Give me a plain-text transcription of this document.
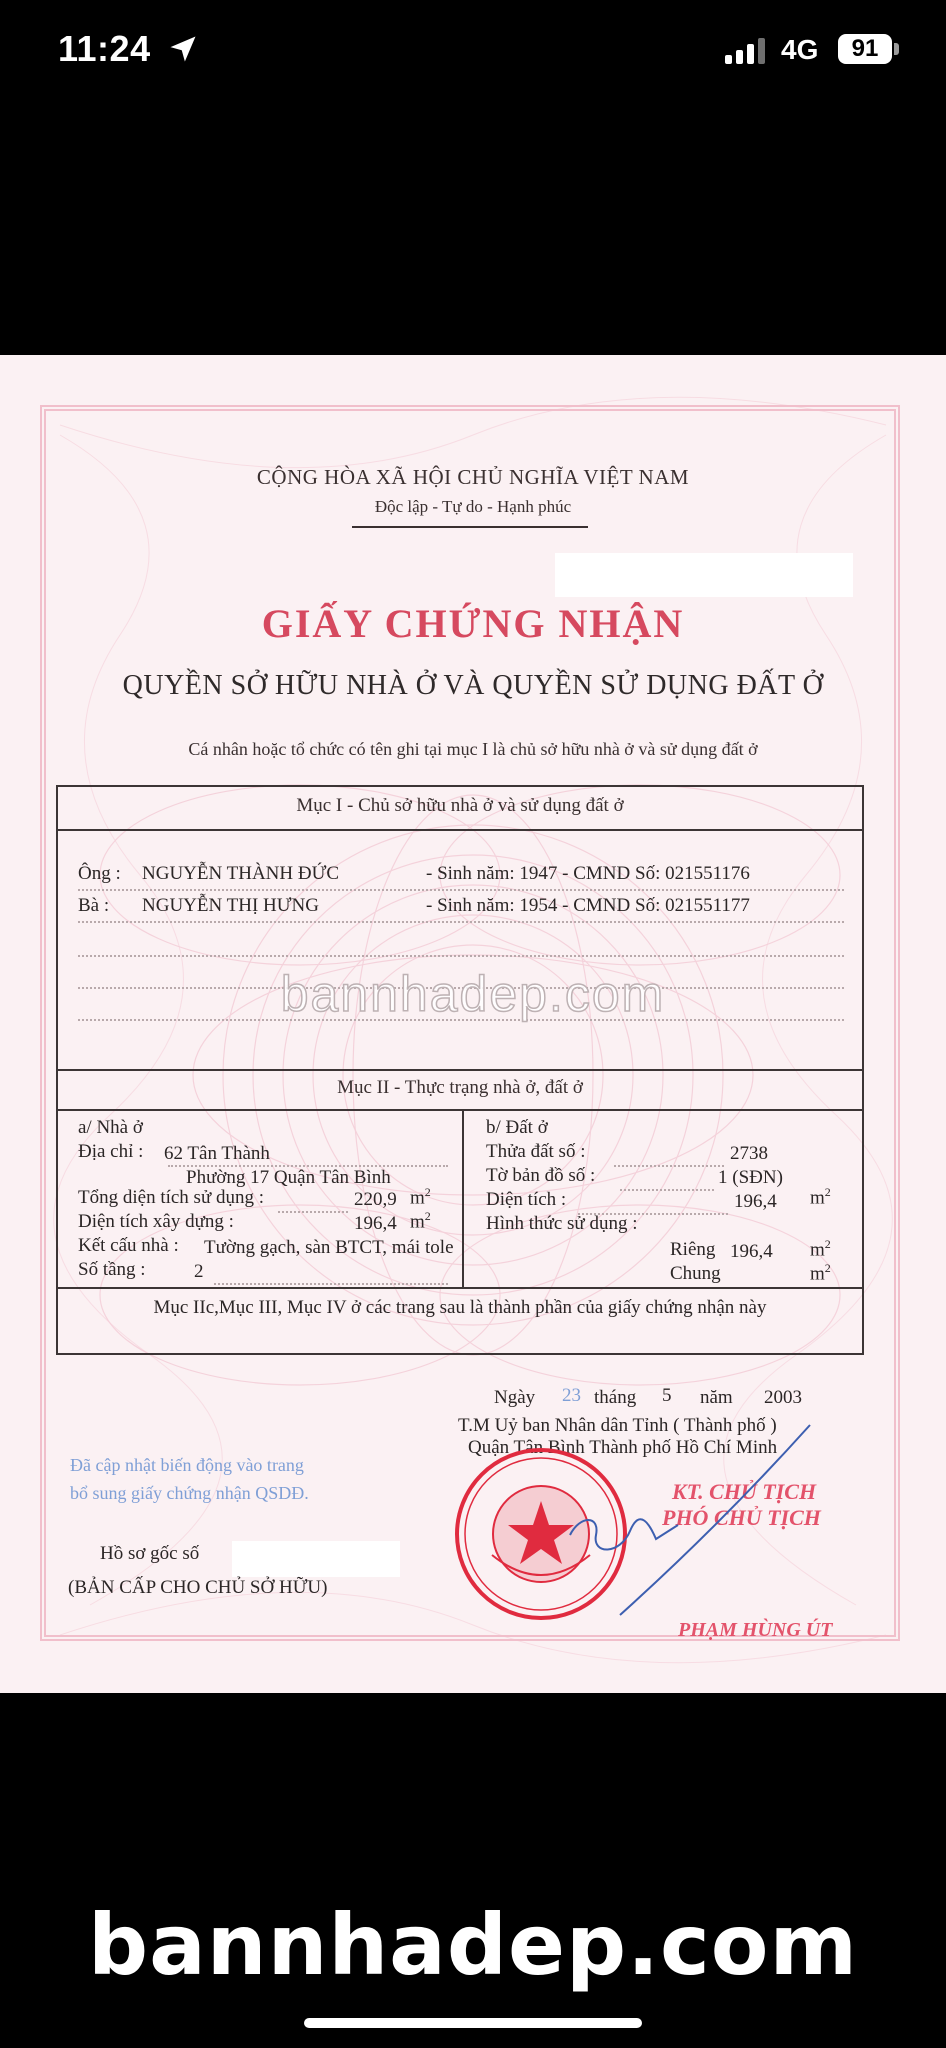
11:24	4G	91
CỘNG HÒA XÃ HỘI CHỦ NGHĨA VIỆT NAM
Độc lập - Tự do - Hạnh phúc
GIẤY CHỨNG NHẬN
QUYỀN SỞ HỮU NHÀ Ở VÀ QUYỀN SỬ DỤNG ĐẤT Ở
Cá nhân hoặc tổ chức có tên ghi tại mục I là chủ sở hữu nhà ở và sử dụng đất ở
Mục I - Chủ sở hữu nhà ở và sử dụng đất ở
Ông : NGUYỄN THÀNH ĐỨC	- Sinh năm: 1947 - CMND Số: 021551176
Bà : NGUYỄN THỊ HƯNG	- Sinh năm: 1954 - CMND Số: 021551177
Mục II - Thực trạng nhà ở, đất ở
a/ Nhà ở
Địa chỉ : 62 Tân Thành
Phường 17 Quận Tân Bình
Tổng diện tích sử dụng :	220,9 $m^2$
Diện tích xây dựng :	196,4 $m^2$
Kết cấu nhà : Tường gạch, sàn BTCT, mái tole
Số tầng :	2
b/ Đất ở
Thửa đất số :	2738
Tờ bản đồ số :	1 (SĐN)
Diện tích :	196,4 $m^2$
Hình thức sử dụng :
Riêng 196,4 $m^2$
Chung	$m^2$
Mục IIc,Mục III, Mục IV ở các trang sau là thành phần của giấy chứng nhận này
bannhadep.com
Ngày 23 tháng 5 năm 2003
T.M Uỷ ban Nhân dân Tỉnh ( Thành phố )
Quận Tân Bình Thành phố Hồ Chí Minh
Đã cập nhật biến động vào trang
bổ sung giấy chứng nhận QSDĐ.	KT. CHỦ TỊCH
PHÓ CHỦ TỊCH
PHẠM HÙNG ÚT
Hồ sơ gốc số
(BẢN CẤP CHO CHỦ SỞ HỮU)
bannhadep.com
